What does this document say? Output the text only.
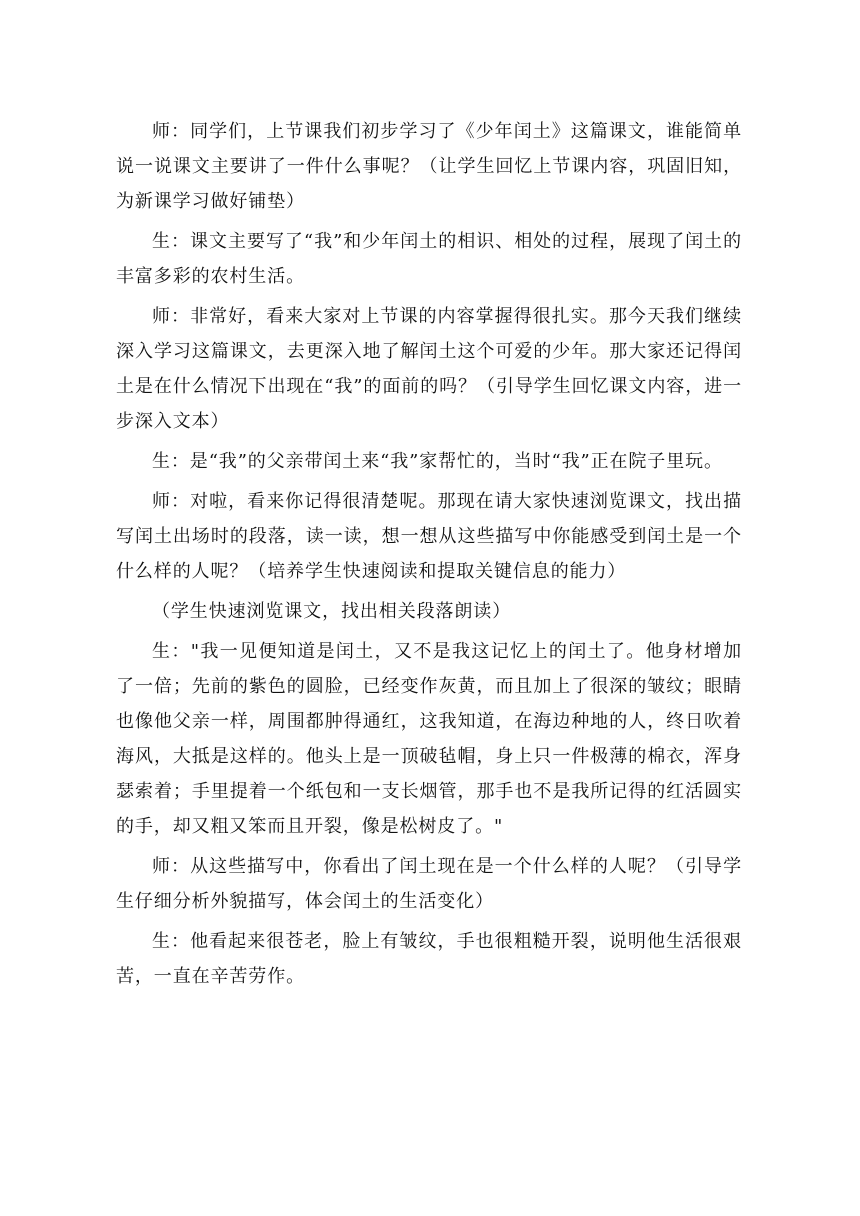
师：同学们，上节课我们初步学习了《少年闰土》这篇课文，谁能简单说一说课文主要讲了一件什么事呢？（让学生回忆上节课内容，巩固旧知，为新课学习做好铺垫）

生：课文主要写了“我”和少年闰土的相识、相处的过程，展现了闰土的丰富多彩的农村生活。

师：非常好，看来大家对上节课的内容掌握得很扎实。那今天我们继续深入学习这篇课文，去更深入地了解闰土这个可爱的少年。那大家还记得闰土是在什么情况下出现在“我”的面前的吗？（引导学生回忆课文内容，进一步深入文本）

生：是“我”的父亲带闰土来“我”家帮忙的，当时“我”正在院子里玩。

师：对啦，看来你记得很清楚呢。那现在请大家快速浏览课文，找出描写闰土出场时的段落，读一读，想一想从这些描写中你能感受到闰土是一个什么样的人呢？（培养学生快速阅读和提取关键信息的能力）

（学生快速浏览课文，找出相关段落朗读）

生："我一见便知道是闰土，又不是我这记忆上的闰土了。他身材增加了一倍；先前的紫色的圆脸，已经变作灰黄，而且加上了很深的皱纹；眼睛也像他父亲一样，周围都肿得通红，这我知道，在海边种地的人，终日吹着海风，大抵是这样的。他头上是一顶破毡帽，身上只一件极薄的棉衣，浑身瑟索着；手里提着一个纸包和一支长烟管，那手也不是我所记得的红活圆实的手，却又粗又笨而且开裂，像是松树皮了。"

师：从这些描写中，你看出了闰土现在是一个什么样的人呢？（引导学生仔细分析外貌描写，体会闰土的生活变化）

生：他看起来很苍老，脸上有皱纹，手也很粗糙开裂，说明他生活很艰苦，一直在辛苦劳作。
